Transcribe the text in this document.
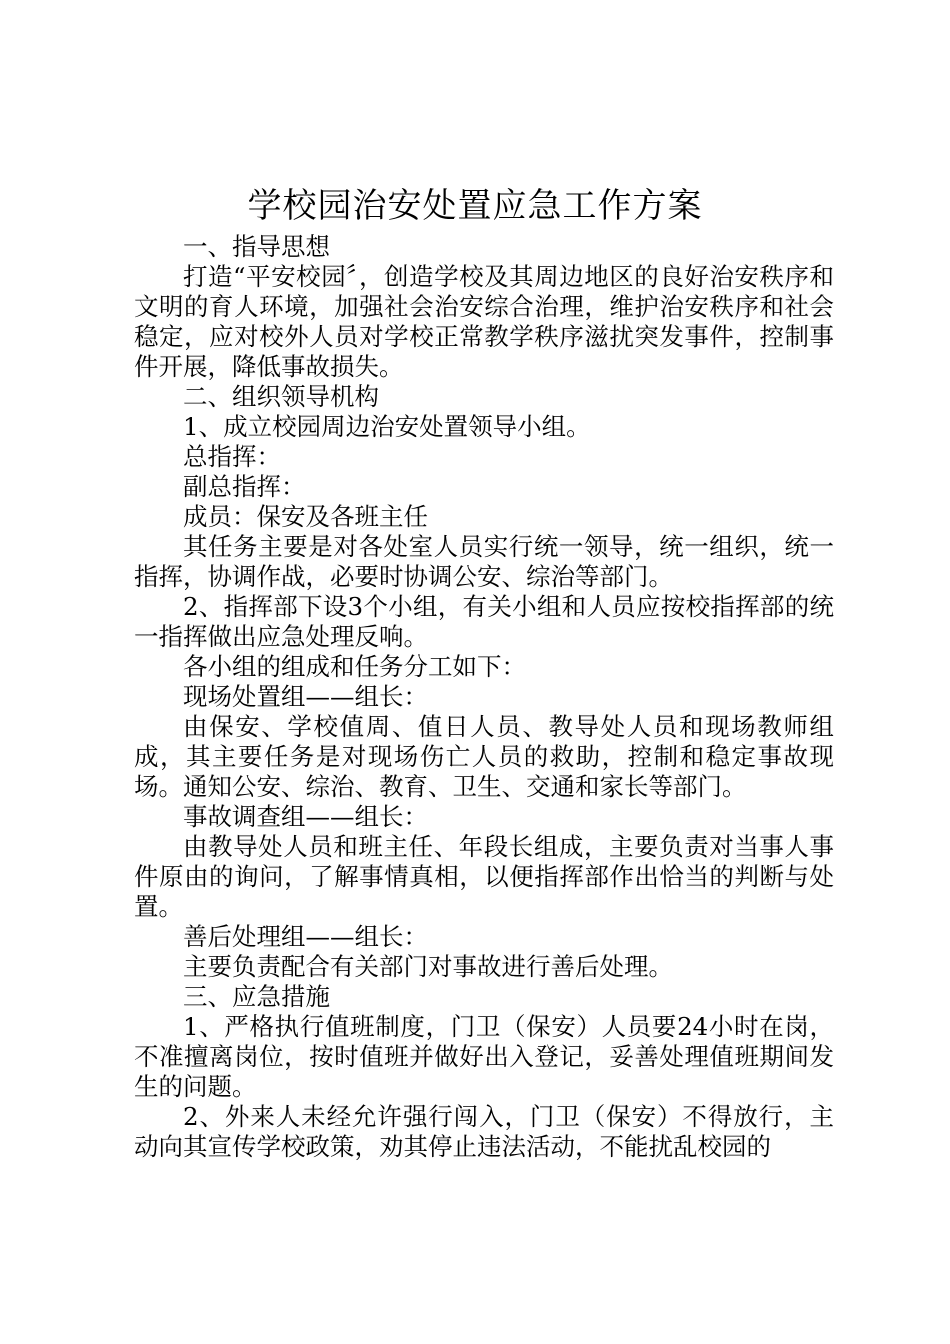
学校园治安处置应急工作方案

一、指导思想

打造“平安校园〞，创造学校及其周边地区的良好治安秩序和文明的育人环境，加强社会治安综合治理，维护治安秩序和社会稳定，应对校外人员对学校正常教学秩序滋扰突发事件，控制事件开展，降低事故损失。

二、组织领导机构

1、成立校园周边治安处置领导小组。

总指挥：

副总指挥：

成员：保安及各班主任

其任务主要是对各处室人员实行统一领导，统一组织，统一指挥，协调作战，必要时协调公安、综治等部门。

2、指挥部下设3个小组，有关小组和人员应按校指挥部的统一指挥做出应急处理反响。

各小组的组成和任务分工如下：

现场处置组——组长：

由保安、学校值周、值日人员、教导处人员和现场教师组成，其主要任务是对现场伤亡人员的救助，控制和稳定事故现场。通知公安、综治、教育、卫生、交通和家长等部门。

事故调查组——组长：

由教导处人员和班主任、年段长组成，主要负责对当事人事件原由的询问，了解事情真相，以便指挥部作出恰当的判断与处置。

善后处理组——组长：

主要负责配合有关部门对事故进行善后处理。

三、应急措施

1、严格执行值班制度，门卫（保安）人员要24小时在岗，不准擅离岗位，按时值班并做好出入登记，妥善处理值班期间发生的问题。

2、外来人未经允许强行闯入，门卫（保安）不得放行，主动向其宣传学校政策，劝其停止违法活动，不能扰乱校园的
